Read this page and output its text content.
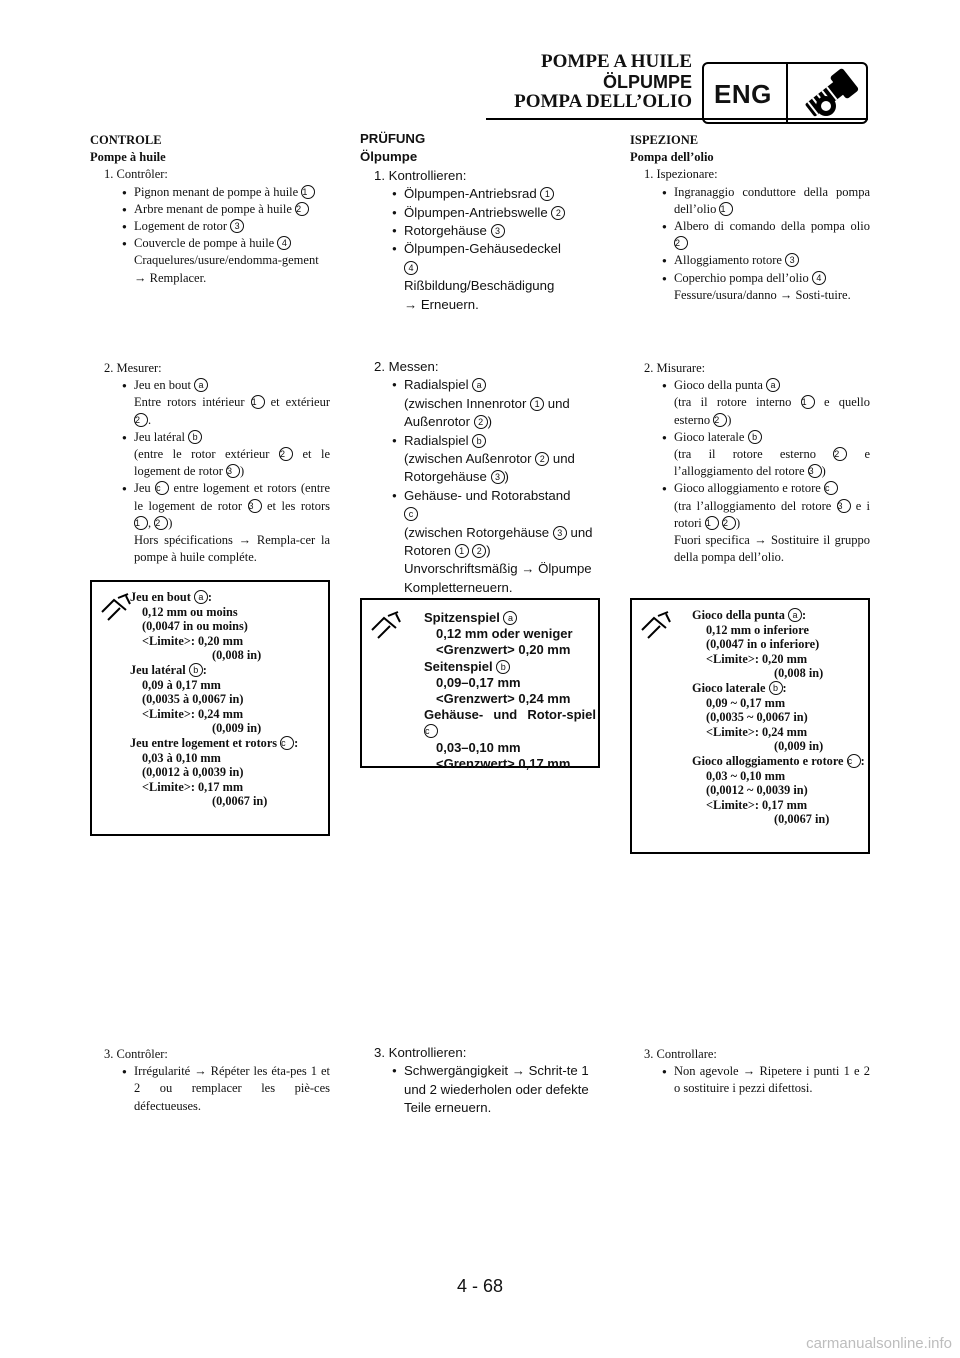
POMPE A HUILE
ÖLPUMPE
POMPA DELL’OLIO ENG
CONTROLE
Pompe à huile
1. Contrôler:
● Pignon menant de pompe à huile 1
● Arbre menant de pompe à huile 2
● Logement de rotor 3
● Couvercle de pompe à huile 4
Craquelures/usure/endomma-gement → Remplacer.
2. Mesurer:
● Jeu en bout a
Entre rotors intérieur 1 et extérieur 2 .
● Jeu latéral b
(entre le rotor extérieur 2 et le logement de rotor 3 )
● Jeu c entre logement et rotors (entre le logement de rotor 3 et les rotors 1 , 2 )
Hors spécifications → Rempla-cer la pompe à huile compléte.
Jeu en bout a :
0,12 mm ou moins
(0,0047 in ou moins)
<Limite>: 0,20 mm
(0,008 in)
Jeu latéral b :
0,09 à 0,17 mm
(0,0035 à 0,0067 in)
<Limite>: 0,24 mm
(0,009 in)
Jeu entre logement et rotors c :
0,03 à 0,10 mm
(0,0012 à 0,0039 in)
<Limite>: 0,17 mm
(0,0067 in)
3. Contrôler:
● Irrégularité → Répéter les éta-pes 1 et 2 ou remplacer les piè-ces défectueuses.
PRÜFUNG
Ölpumpe
1. Kontrollieren:
● Ölpumpen-Antriebsrad 1
● Ölpumpen-Antriebswelle 2
● Rotorgehäuse 3
● Ölpumpen-Gehäusedeckel
4
Rißbildung/Beschädigung
→ Erneuern.
2. Messen:
● Radialspiel a
(zwischen Innenrotor 1 und Außenrotor 2 )
● Radialspiel b
(zwischen Außenrotor 2 und Rotorgehäuse 3 )
● Gehäuse- und Rotorabstand
c
(zwischen Rotorgehäuse 3 und Rotoren 1 2 )
Unvorschriftsmäßig → Ölpumpe Kompletterneuern.
Spitzenspiel a
0,12 mm oder weniger
<Grenzwert> 0,20 mm
Seitenspiel b
0,09–0,17 mm
<Grenzwert> 0,24 mm
Gehäuse- und Rotor-spiel c
0,03–0,10 mm
<Grenzwert> 0,17 mm
3. Kontrollieren:
● Schwergängigkeit → Schrit-te 1 und 2 wiederholen oder defekte Teile erneuern.
ISPEZIONE
Pompa dell’olio
1. Ispezionare:
● Ingranaggio conduttore della pompa dell’olio 1
● Albero di comando della pompa olio 2
● Alloggiamento rotore 3
● Coperchio pompa dell’olio 4
Fessure/usura/danno → Sosti-tuire.
2. Misurare:
● Gioco della punta a
(tra il rotore interno 1 e quello esterno 2 )
● Gioco laterale b
(tra il rotore esterno 2 e l’alloggiamento del rotore 3 )
● Gioco alloggiamento e rotore c
(tra l’alloggiamento del rotore 3 e i rotori 1 2 )
Fuori specifica → Sostituire il gruppo della pompa dell’olio.
Gioco della punta a :
0,12 mm o inferiore
(0,0047 in o inferiore)
<Limite>: 0,20 mm
(0,008 in)
Gioco laterale b :
0,09 ~ 0,17 mm
(0,0035 ~ 0,0067 in)
<Limite>: 0,24 mm
(0,009 in)
Gioco alloggiamento e rotore c :
0,03 ~ 0,10 mm
(0,0012 ~ 0,0039 in)
<Limite>: 0,17 mm
(0,0067 in)
3. Controllare:
● Non agevole → Ripetere i punti 1 e 2 o sostituire i pezzi difettosi.
4 - 68
carmanualsonline.info
